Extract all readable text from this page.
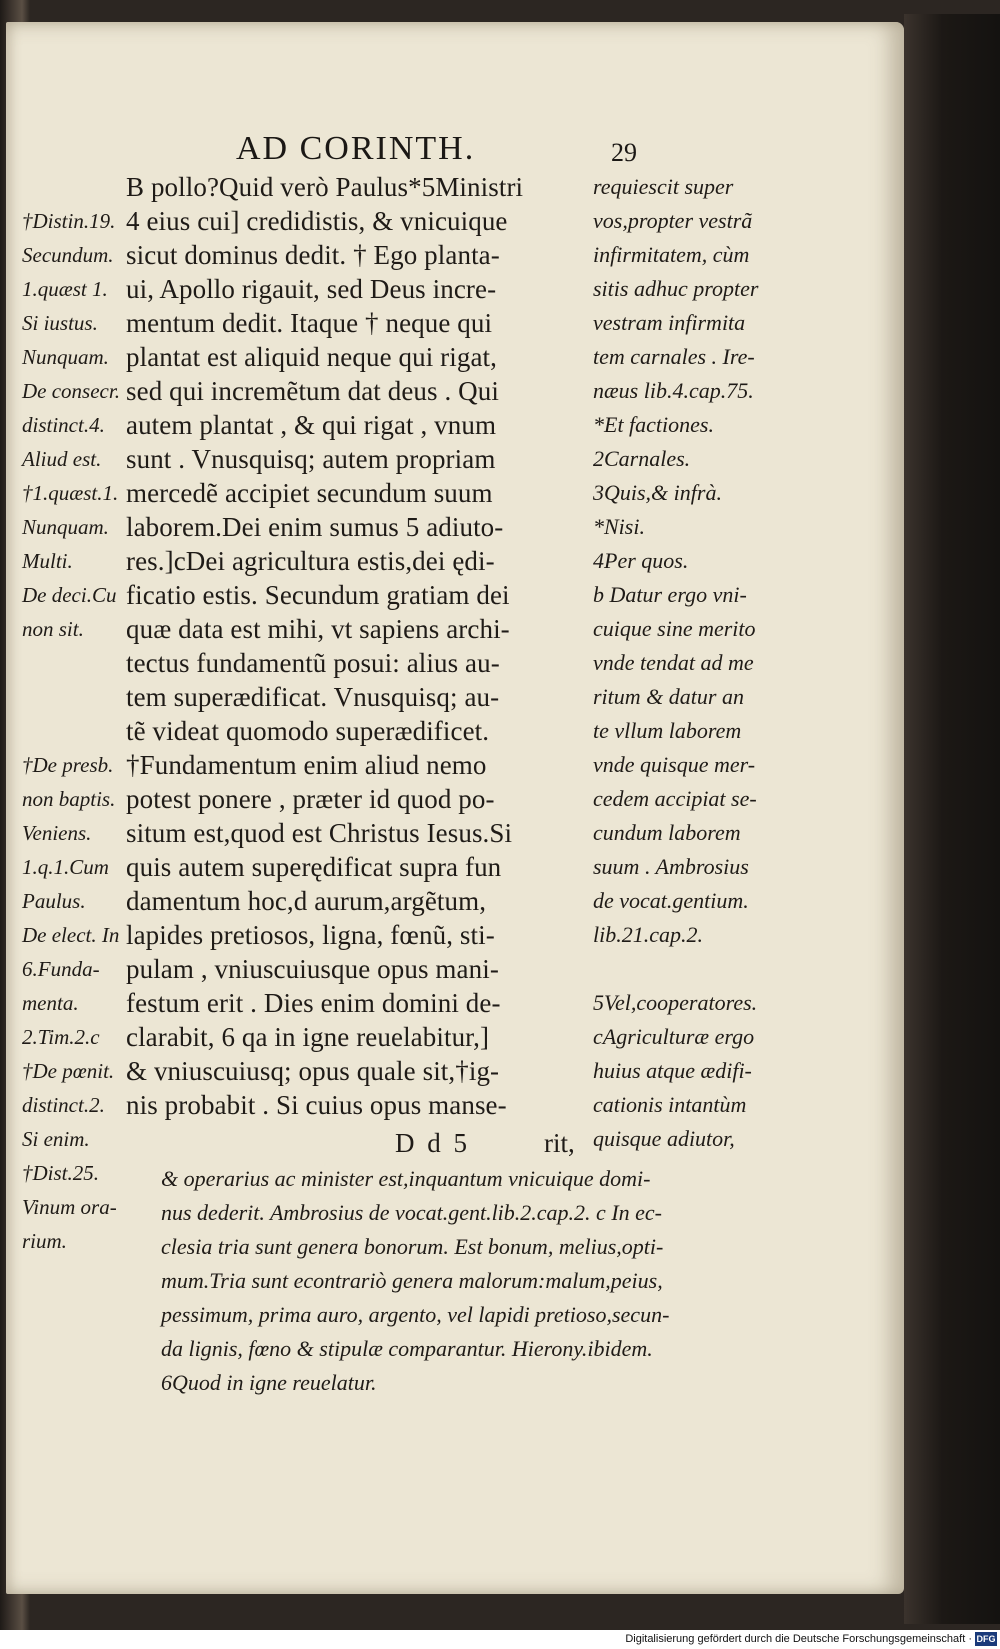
AD CORINTH.	29
†Distin.19.
Secundum.
1.quæst 1.
Si iustus.
Nunquam.
De consecr.
distinct.4.
Aliud est.
†1.quæst.1.
Nunquam.
Multi.
De deci.Cu
non sit.
†De presb.
non baptis.
Veniens.
1.q.1.Cum
Paulus.
De elect. In
6.Funda-
menta.
2.Tim.2.c
†De pœnit.
distinct.2.
Si enim.
†Dist.25.
Vinum ora-
rium.
B pollo?Quid verò Paulus*5Ministri
4 eius cui] credidistis, & vnicuique
sicut dominus dedit. † Ego planta-
ui, Apollo rigauit, sed Deus incre-
mentum dedit. Itaque † neque qui
plantat est aliquid neque qui rigat,
sed qui incremẽtum dat deus . Qui
autem plantat , & qui rigat , vnum
sunt . Vnusquisq; autem propriam
mercedẽ accipiet secundum suum
laborem.Dei enim sumus 5 adiuto-
res.]cDei agricultura estis,dei ędi-
ficatio estis. Secundum gratiam dei
quæ data est mihi, vt sapiens archi-
tectus fundamentũ posui: alius au-
tem superædificat. Vnusquisq; au-
tẽ videat quomodo superædificet.
†Fundamentum enim aliud nemo
potest ponere , præter id quod po-
situm est,quod est Christus Iesus.Si
quis autem superędificat supra fun
damentum hoc,d aurum,argẽtum,
lapides pretiosos, ligna, fœnũ, sti-
pulam , vniuscuiusque opus mani-
festum erit . Dies enim domini de-
clarabit, 6 qa in igne reuelabitur,]
& vniuscuiusq; opus quale sit,†ig-
nis probabit . Si cuius opus manse-
requiescit super
vos,propter vestrã
infirmitatem, cùm
sitis adhuc propter
vestram infirmita
tem carnales . Ire-
næus lib.4.cap.75.
*Et factiones.
2Carnales.
3Quis,& infrà.
*Nisi.
4Per quos.
b Datur ergo vni-
cuique sine merito
vnde tendat ad me
ritum & datur an
te vllum laborem
vnde quisque mer-
cedem accipiat se-
cundum laborem
suum . Ambrosius
de vocat.gentium.
lib.21.cap.2.
5Vel,cooperatores.
cAgriculturæ ergo
huius atque ædifi-
cationis intantùm
quisque adiutor,
D d 5	rit,
& operarius ac minister est,inquantum vnicuique domi-
nus dederit. Ambrosius de vocat.gent.lib.2.cap.2. c In ec-
clesia tria sunt genera bonorum. Est bonum, melius,opti-
mum.Tria sunt econtrariò genera malorum:malum,peius,
pessimum, prima auro, argento, vel lapidi pretioso,secun-
da lignis, fœno & stipulæ comparantur. Hierony.ibidem.
6Quod in igne reuelatur.
Digitalisierung gefördert durch die Deutsche Forschungsgemeinschaft · DFG
